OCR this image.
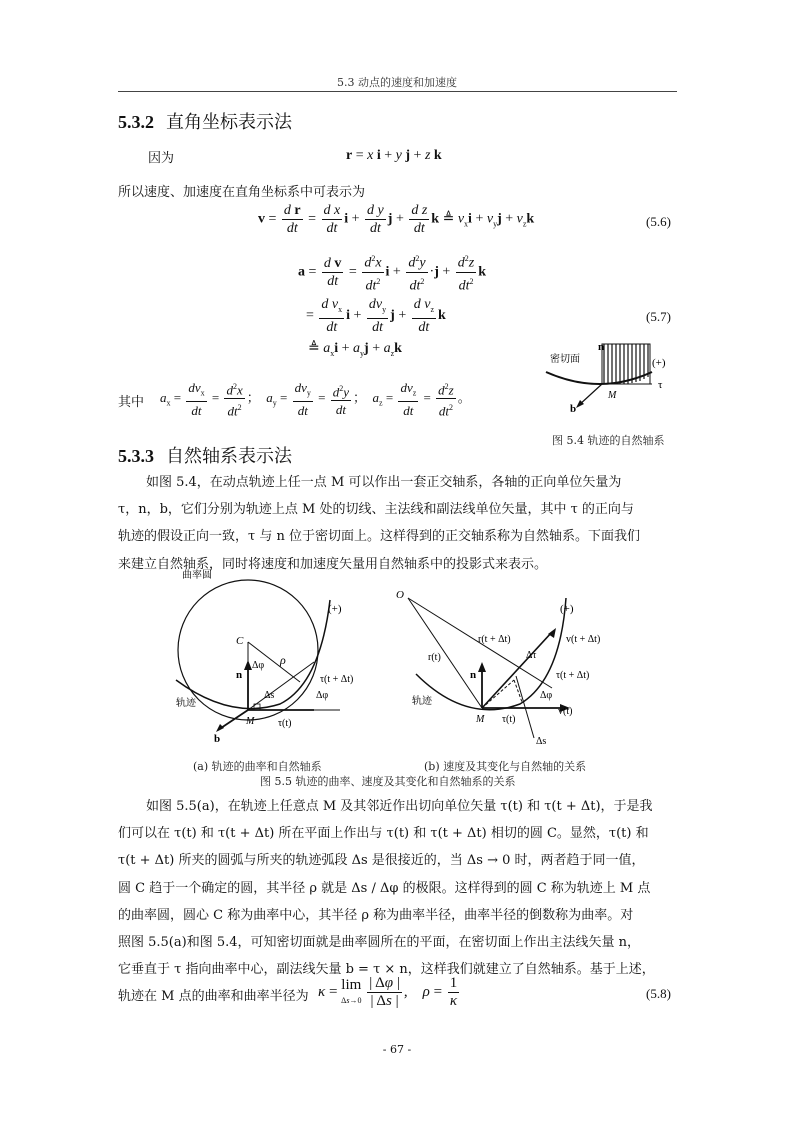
5.3 动点的速度和加速度
5.3.2 直角坐标表示法
因为	r = x i + y j + z k
所以速度、加速度在直角坐标系中可表示为
$v = \frac{\text{d r}}{dt} = \frac{\text{d x}}{dt}$ $i + \frac{\text{d y}}{dt}$ $j + \frac{\text{d z}}{dt}$ k ≜ $v_xi + v_yj + v_zk$	(5.6)
$a = \frac{\text{d v}}{dt} = \frac{d^2x}{dt^2}$ $i + \frac{d^2y}{dt^2} \cdot j + \frac{d^2z}{dt^2}$ k
= $\frac{d v_x}{dt}$ $i + \frac{dv_y}{dt}$ $j + \frac{d v_z}{dt}$ k	(5.7)
≜ $a_xi + a_yj + a_zk$
其中 $a_x = \frac{dv_x}{dt} = \frac{d^2x}{dt^2}$ ；  $a_y = \frac{dv_y}{dt} = \frac{d^2y}{dt}$ ；  $a_z = \frac{dv_z}{dt} = \frac{d^2z}{dt^2}$ 。
n
密切面	(+)
τ
M
b
图 5.4 轨迹的自然轴系
5.3.3 自然轴系表示法
如图 5.4，在动点轨迹上任一点 M 可以作出一套正交轴系，各轴的正向单位矢量为
τ，n，b，它们分别为轨迹上点 M 处的切线、主法线和副法线单位矢量，其中 τ 的正向与
轨迹的假设正向一致，τ 与 n 位于密切面上。这样得到的正交轴系称为自然轴系。下面我们
来建立自然轴系，同时将速度和加速度矢量用自然轴系中的投影式来表示。
曲率圆
(+)
C
Δφ ρ
n
Δs
τ(t + Δt)
Δφ
轨迹
M τ(t)
b
O
(+)
r(t + Δt)	v(t + Δt)
r(t)	Δτ
n	τ(t + Δt)
Δφ
轨迹
v(t)
M τ(t)
Δs
(a) 轨迹的曲率和自然轴系	(b) 速度及其变化与自然轴的关系
图 5.5 轨迹的曲率、速度及其变化和自然轴系的关系
如图 5.5(a)，在轨迹上任意点 M 及其邻近作出切向单位矢量 τ(t) 和 τ(t + Δt)，于是我
们可以在 τ(t) 和 τ(t + Δt) 所在平面上作出与 τ(t) 和 τ(t + Δt) 相切的圆 C。显然，τ(t) 和
τ(t + Δt) 所夹的圆弧与所夹的轨迹弧段 Δs 是很接近的，当 Δs → 0 时，两者趋于同一值，
圆 C 趋于一个确定的圆，其半径 ρ 就是 Δs / Δφ 的极限。这样得到的圆 C 称为轨迹上 M 点
的曲率圆，圆心 C 称为曲率中心，其半径 ρ 称为曲率半径，曲率半径的倒数称为曲率。对
照图 5.5(a)和图 5.4，可知密切面就是曲率圆所在的平面，在密切面上作出主法线矢量 n，
它垂直于 τ 指向曲率中心，副法线矢量 b = τ × n，这样我们就建立了自然轴系。基于上述，
轨迹在 M 点的曲率和曲率半径为 κ = lim
$\Delta s\to 0 \frac{| \Delta\varphi |}{| \Delta s |}$ ,    $\rho = \frac{1}{\kappa}$	(5.8)
- 67 -
